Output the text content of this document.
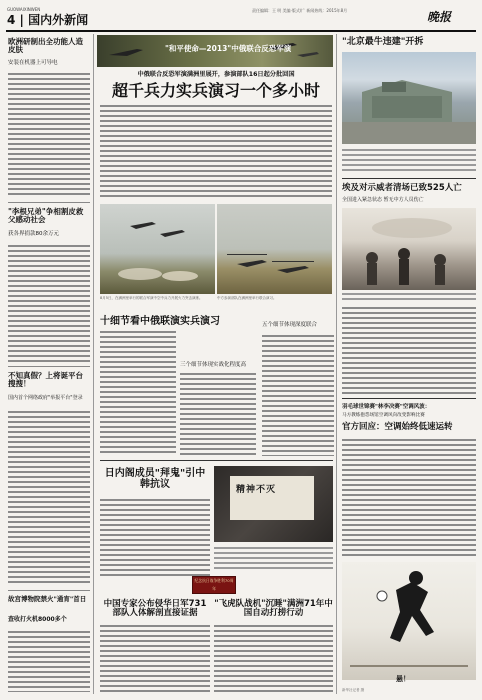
GUOWAIXINWEN
4 | 国内外新闻
责任编辑：王 明 美编·版式/广 新闻热线：2015年8月	晚报
欧洲研制出全功能人造皮肤
安装在机器上可导电
"李根兄弟"争相割皮救父感动社会
获各界捐款80余万元
不知真假？上将诞平台搜搜！
国内首个网络政府"举报平台"登录
故宫博物院禁火"通宵"首日
查收打火机8000多个
"和平使命—2013"中俄联合反恐军演
中俄联合反恐军演满洲里展开，参演部队16日起分批回国
超千兵力实兵演习一个多小时
8月5日，在满洲里举行的联合军演中空中兵力开展火力突击演练。	中方参演部队在满洲里举行联合演习。
十细节看中俄联演实兵演习
三个细节体现实战化程度高
五个细节体现深度联合
日内阁成员"拜鬼"引中韩抗议	精神不灭
纪念抗日战争胜利70周年
中国专家公布侵华日军731部队人体解剖直接证据
"飞虎队战机"沉睡"满洲71年中国自动打捞行动
"北京最牛违建"开拆
埃及对示威者清场已致525人亡
全国进入紧急状态 暂无中方人员伤亡
羽毛球世锦赛"林李决赛"空调风波：
马方教练抱怨场馆空调风向改变影响比赛
官方回应：空调始终低速运转
悬！
新华社记者 摄
